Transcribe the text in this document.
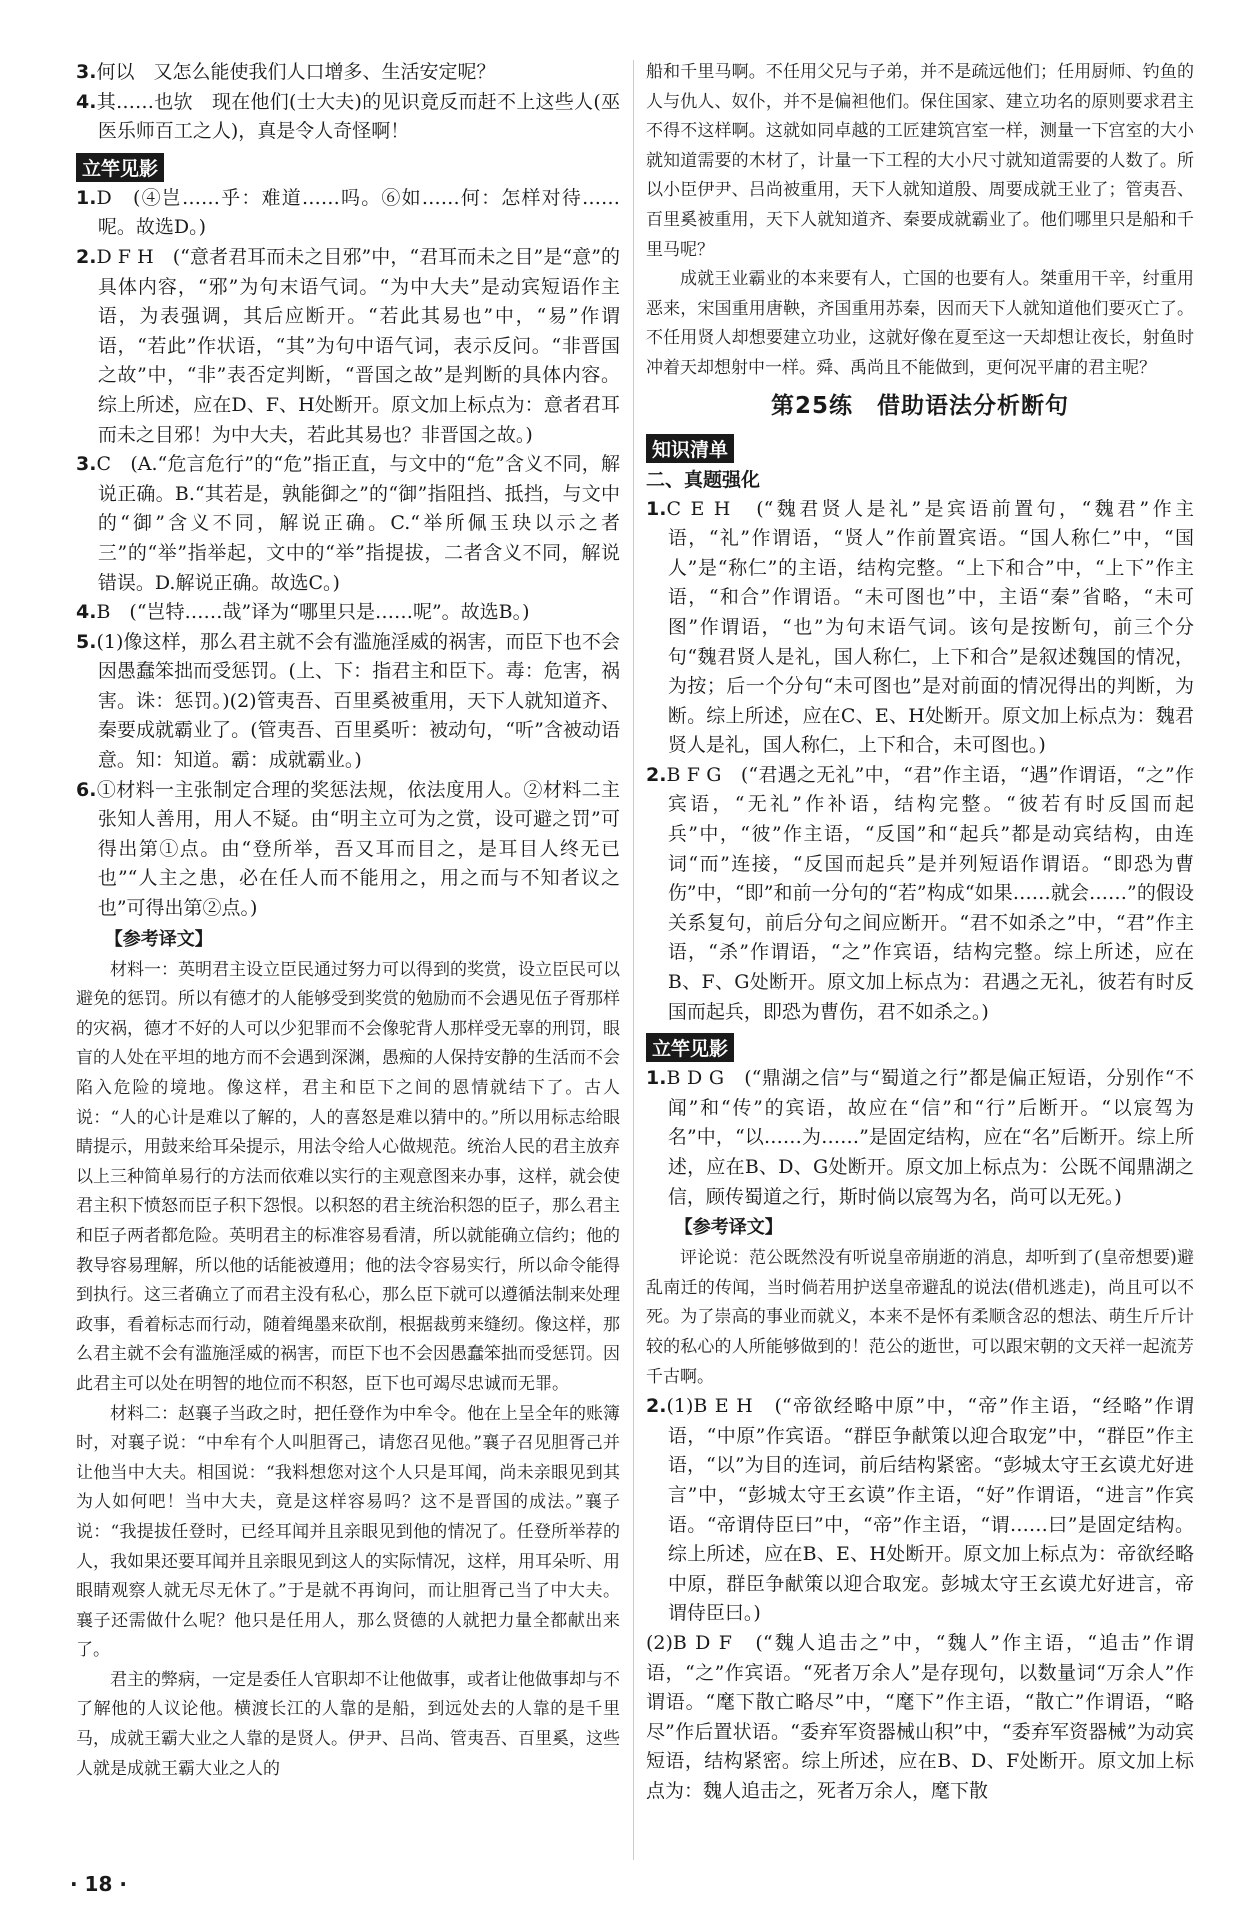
3.何以　又怎么能使我们人口增多、生活安定呢？

4.其……也欤　现在他们(士大夫)的见识竟反而赶不上这些人(巫医乐师百工之人)，真是令人奇怪啊！

立竿见影

1.D　(④岂……乎：难道……吗。⑥如……何：怎样对待……呢。故选D。)

2.D F H　(“意者君耳而未之目邪”中，“君耳而未之目”是“意”的具体内容，“邪”为句末语气词。“为中大夫”是动宾短语作主语，为表强调，其后应断开。“若此其易也”中，“易”作谓语，“若此”作状语，“其”为句中语气词，表示反问。“非晋国之故”中，“非”表否定判断，“晋国之故”是判断的具体内容。综上所述，应在D、F、H处断开。原文加上标点为：意者君耳而未之目邪！为中大夫，若此其易也？非晋国之故。)

3.C　(A.“危言危行”的“危”指正直，与文中的“危”含义不同，解说正确。B.“其若是，孰能御之”的“御”指阻挡、抵挡，与文中的“御”含义不同，解说正确。C.“举所佩玉玦以示之者三”的“举”指举起，文中的“举”指提拔，二者含义不同，解说错误。D.解说正确。故选C。)

4.B　(“岂特……哉”译为“哪里只是……呢”。故选B。)

5.(1)像这样，那么君主就不会有滥施淫威的祸害，而臣下也不会因愚蠢笨拙而受惩罚。(上、下：指君主和臣下。毒：危害，祸害。诛：惩罚。)(2)管夷吾、百里奚被重用，天下人就知道齐、秦要成就霸业了。(管夷吾、百里奚听：被动句，“听”含被动语意。知：知道。霸：成就霸业。)

6.①材料一主张制定合理的奖惩法规，依法度用人。②材料二主张知人善用，用人不疑。由“明主立可为之赏，设可避之罚”可得出第①点。由“登所举，吾又耳而目之，是耳目人终无已也”“人主之患，必在任人而不能用之，用之而与不知者议之也”可得出第②点。)

【参考译文】

材料一：英明君主设立臣民通过努力可以得到的奖赏，设立臣民可以避免的惩罚。所以有德才的人能够受到奖赏的勉励而不会遇见伍子胥那样的灾祸，德才不好的人可以少犯罪而不会像驼背人那样受无辜的刑罚，眼盲的人处在平坦的地方而不会遇到深渊，愚痴的人保持安静的生活而不会陷入危险的境地。像这样，君主和臣下之间的恩情就结下了。古人说：“人的心计是难以了解的，人的喜怒是难以猜中的。”所以用标志给眼睛提示，用鼓来给耳朵提示，用法令给人心做规范。统治人民的君主放弃以上三种简单易行的方法而依难以实行的主观意图来办事，这样，就会使君主积下愤怒而臣子积下怨恨。以积怒的君主统治积怨的臣子，那么君主和臣子两者都危险。英明君主的标准容易看清，所以就能确立信约；他的教导容易理解，所以他的话能被遵用；他的法令容易实行，所以命令能得到执行。这三者确立了而君主没有私心，那么臣下就可以遵循法制来处理政事，看着标志而行动，随着绳墨来砍削，根据裁剪来缝纫。像这样，那么君主就不会有滥施淫威的祸害，而臣下也不会因愚蠢笨拙而受惩罚。因此君主可以处在明智的地位而不积怒，臣下也可竭尽忠诚而无罪。

材料二：赵襄子当政之时，把任登作为中牟令。他在上呈全年的账簿时，对襄子说：“中牟有个人叫胆胥己，请您召见他。”襄子召见胆胥己并让他当中大夫。相国说：“我料想您对这个人只是耳闻，尚未亲眼见到其为人如何吧！当中大夫，竟是这样容易吗？这不是晋国的成法。”襄子说：“我提拔任登时，已经耳闻并且亲眼见到他的情况了。任登所举荐的人，我如果还要耳闻并且亲眼见到这人的实际情况，这样，用耳朵听、用眼睛观察人就无尽无休了。”于是就不再询问，而让胆胥己当了中大夫。襄子还需做什么呢？他只是任用人，那么贤德的人就把力量全都献出来了。

君主的弊病，一定是委任人官职却不让他做事，或者让他做事却与不了解他的人议论他。横渡长江的人靠的是船，到远处去的人靠的是千里马，成就王霸大业之人靠的是贤人。伊尹、吕尚、管夷吾、百里奚，这些人就是成就王霸大业之人的

船和千里马啊。不任用父兄与子弟，并不是疏远他们；任用厨师、钓鱼的人与仇人、奴仆，并不是偏袒他们。保住国家、建立功名的原则要求君主不得不这样啊。这就如同卓越的工匠建筑宫室一样，测量一下宫室的大小就知道需要的木材了，计量一下工程的大小尺寸就知道需要的人数了。所以小臣伊尹、吕尚被重用，天下人就知道殷、周要成就王业了；管夷吾、百里奚被重用，天下人就知道齐、秦要成就霸业了。他们哪里只是船和千里马呢？

成就王业霸业的本来要有人，亡国的也要有人。桀重用干辛，纣重用恶来，宋国重用唐鞅，齐国重用苏秦，因而天下人就知道他们要灭亡了。不任用贤人却想要建立功业，这就好像在夏至这一天却想让夜长，射鱼时冲着天却想射中一样。舜、禹尚且不能做到，更何况平庸的君主呢？

第25练　借助语法分析断句
知识清单
二、真题强化

1.C E H　(“魏君贤人是礼”是宾语前置句，“魏君”作主语，“礼”作谓语，“贤人”作前置宾语。“国人称仁”中，“国人”是“称仁”的主语，结构完整。“上下和合”中，“上下”作主语，“和合”作谓语。“未可图也”中，主语“秦”省略，“未可图”作谓语，“也”为句末语气词。该句是按断句，前三个分句“魏君贤人是礼，国人称仁，上下和合”是叙述魏国的情况，为按；后一个分句“未可图也”是对前面的情况得出的判断，为断。综上所述，应在C、E、H处断开。原文加上标点为：魏君贤人是礼，国人称仁，上下和合，未可图也。)

2.B F G　(“君遇之无礼”中，“君”作主语，“遇”作谓语，“之”作宾语，“无礼”作补语，结构完整。“彼若有时反国而起兵”中，“彼”作主语，“反国”和“起兵”都是动宾结构，由连词“而”连接，“反国而起兵”是并列短语作谓语。“即恐为曹伤”中，“即”和前一分句的“若”构成“如果……就会……”的假设关系复句，前后分句之间应断开。“君不如杀之”中，“君”作主语，“杀”作谓语，“之”作宾语，结构完整。综上所述，应在B、F、G处断开。原文加上标点为：君遇之无礼，彼若有时反国而起兵，即恐为曹伤，君不如杀之。)

立竿见影

1.B D G　(“鼎湖之信”与“蜀道之行”都是偏正短语，分别作“不闻”和“传”的宾语，故应在“信”和“行”后断开。“以宸驾为名”中，“以……为……”是固定结构，应在“名”后断开。综上所述，应在B、D、G处断开。原文加上标点为：公既不闻鼎湖之信，顾传蜀道之行，斯时倘以宸驾为名，尚可以无死。)

【参考译文】

评论说：范公既然没有听说皇帝崩逝的消息，却听到了(皇帝想要)避乱南迁的传闻，当时倘若用护送皇帝避乱的说法(借机逃走)，尚且可以不死。为了崇高的事业而就义，本来不是怀有柔顺含忍的想法、萌生斤斤计较的私心的人所能够做到的！范公的逝世，可以跟宋朝的文天祥一起流芳千古啊。

2.(1)B E H　(“帝欲经略中原”中，“帝”作主语，“经略”作谓语，“中原”作宾语。“群臣争献策以迎合取宠”中，“群臣”作主语，“以”为目的连词，前后结构紧密。“彭城太守王玄谟尤好进言”中，“彭城太守王玄谟”作主语，“好”作谓语，“进言”作宾语。“帝谓侍臣曰”中，“帝”作主语，“谓……曰”是固定结构。综上所述，应在B、E、H处断开。原文加上标点为：帝欲经略中原，群臣争献策以迎合取宠。彭城太守王玄谟尤好进言，帝谓侍臣曰。)

(2)B D F　(“魏人追击之”中，“魏人”作主语，“追击”作谓语，“之”作宾语。“死者万余人”是存现句，以数量词“万余人”作谓语。“麾下散亡略尽”中，“麾下”作主语，“散亡”作谓语，“略尽”作后置状语。“委弃军资器械山积”中，“委弃军资器械”为动宾短语，结构紧密。综上所述，应在B、D、F处断开。原文加上标点为：魏人追击之，死者万余人，麾下散

· 18 ·
